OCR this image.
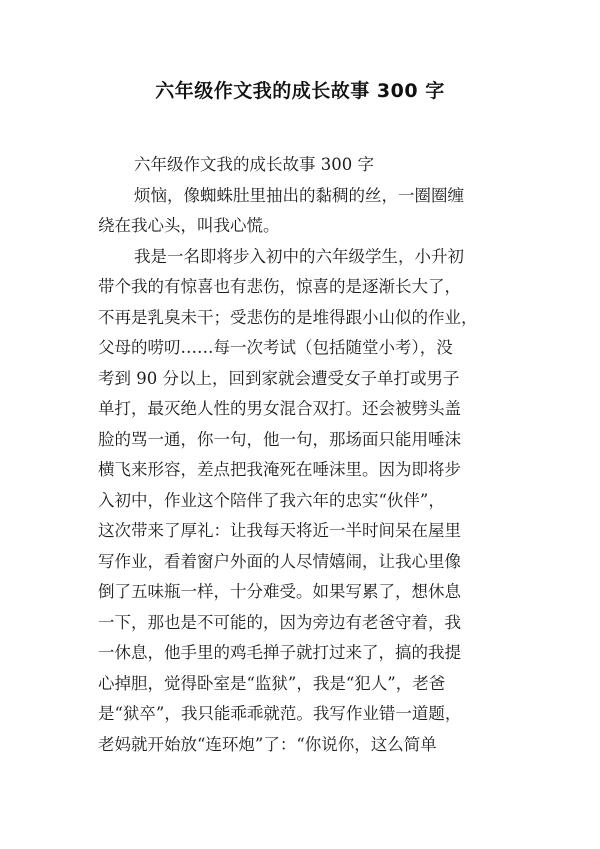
六年级作文我的成长故事 300 字
六年级作文我的成长故事 300 字
烦恼，像蜘蛛肚里抽出的黏稠的丝，一圈圈缠
绕在我心头，叫我心慌。
我是一名即将步入初中的六年级学生，小升初
带个我的有惊喜也有悲伤，惊喜的是逐渐长大了，
不再是乳臭未干；受悲伤的是堆得跟小山似的作业，
父母的唠叨……每一次考试（包括随堂小考），没
考到 90 分以上，回到家就会遭受女子单打或男子
单打，最灭绝人性的男女混合双打。还会被劈头盖
脸的骂一通，你一句，他一句，那场面只能用唾沫
横飞来形容，差点把我淹死在唾沫里。因为即将步
入初中，作业这个陪伴了我六年的忠实“伙伴”，
这次带来了厚礼：让我每天将近一半时间呆在屋里
写作业，看着窗户外面的人尽情嬉闹，让我心里像
倒了五味瓶一样，十分难受。如果写累了，想休息
一下，那也是不可能的，因为旁边有老爸守着，我
一休息，他手里的鸡毛掸子就打过来了，搞的我提
心掉胆，觉得卧室是“监狱”，我是“犯人”，老爸
是“狱卒”，我只能乖乖就范。我写作业错一道题，
老妈就开始放“连环炮”了：“你说你，这么简单
